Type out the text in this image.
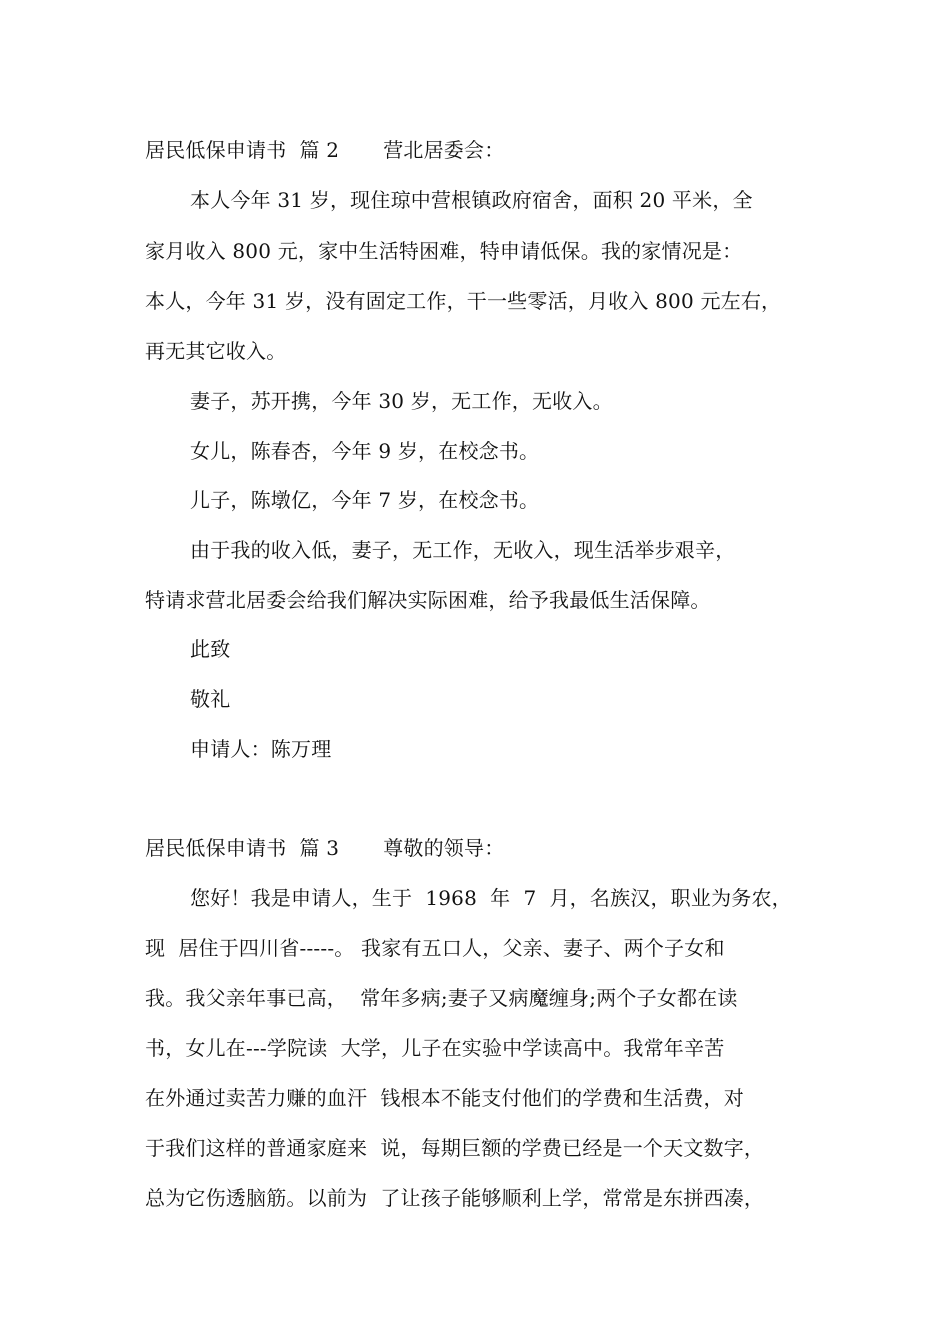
居民低保申请书  篇 2 营北居委会：
本人今年 31 岁，现住琼中营根镇政府宿舍，面积 20 平米，全
家月收入 800 元，家中生活特困难，特申请低保。我的家情况是：
本人，今年 31 岁，没有固定工作，干一些零活，月收入 800 元左右，
再无其它收入。
妻子，苏开携，今年 30 岁，无工作，无收入。
女儿，陈春杏，今年 9 岁，在校念书。
儿子，陈墩亿，今年 7 岁，在校念书。
由于我的收入低，妻子，无工作，无收入，现生活举步艰辛，
特请求营北居委会给我们解决实际困难，给予我最低生活保障。
此致
敬礼
申请人：陈万理
居民低保申请书  篇 3 尊敬的领导：
您好！我是申请人，生于  1968  年  7  月，名族汉，职业为务农，
现  居住于四川省-----。 我家有五口人，父亲、妻子、两个子女和
我。我父亲年事已高，  常年多病;妻子又病魔缠身;两个子女都在读
书，女儿在---学院读  大学，儿子在实验中学读高中。我常年辛苦
在外通过卖苦力赚的血汗  钱根本不能支付他们的学费和生活费，对
于我们这样的普通家庭来  说，每期巨额的学费已经是一个天文数字，
总为它伤透脑筋。以前为  了让孩子能够顺利上学，常常是东拼西凑，
